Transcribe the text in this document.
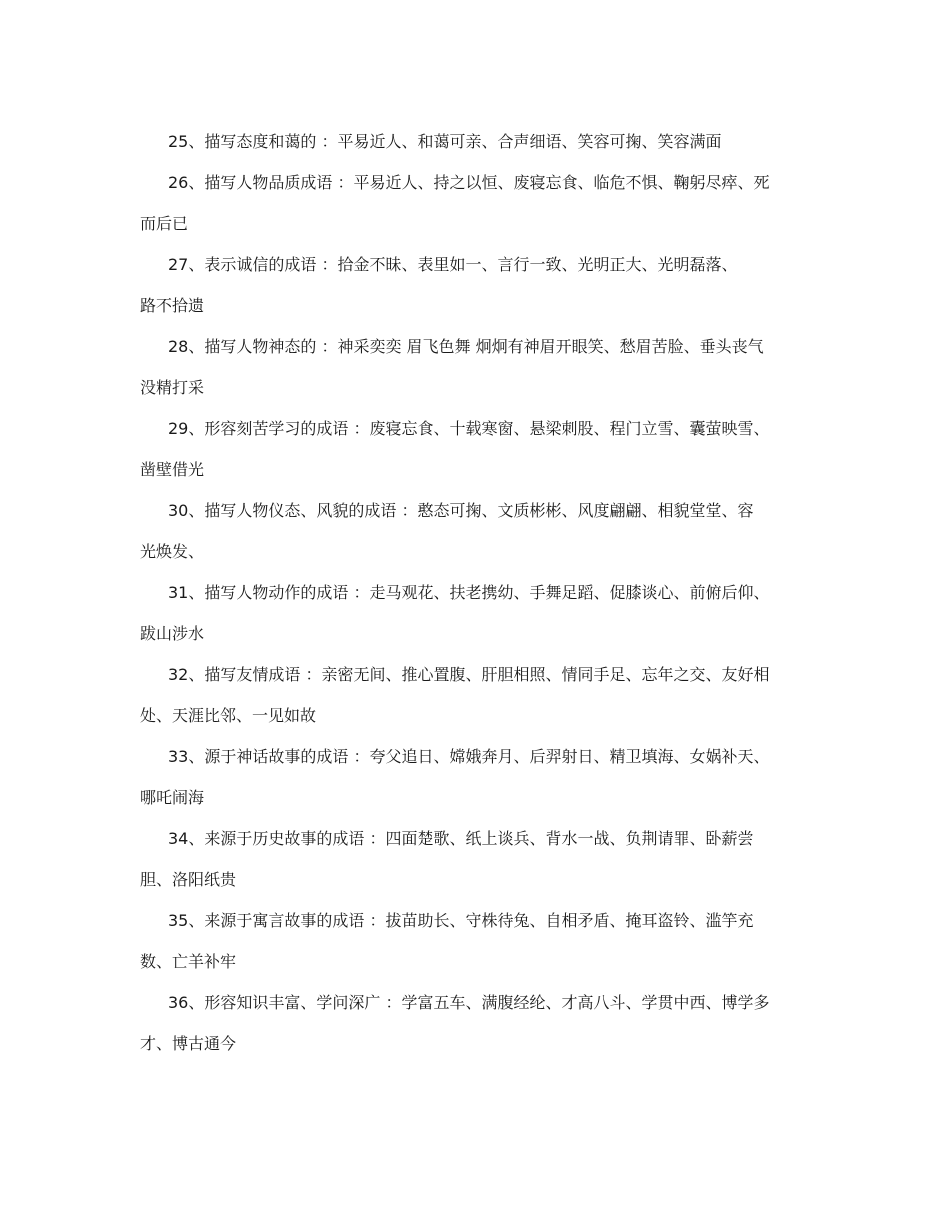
25、描写态度和蔼的 ：平易近人、和蔼可亲、合声细语、笑容可掬、笑容满面

26、描写人物品质成语 ：平易近人、持之以恒、废寝忘食、临危不惧、鞠躬尽瘁、死而后已

27、表示诚信的成语 ：拾金不昧、表里如一、言行一致、光明正大、光明磊落、路不拾遗

28、描写人物神态的 ：神采奕奕 眉飞色舞 炯炯有神眉开眼笑、愁眉苦脸、垂头丧气 没精打采

29、形容刻苦学习的成语 ：废寝忘食、十载寒窗、悬梁刺股、程门立雪、囊萤映雪、凿壁借光

30、描写人物仪态、风貌的成语 ：憨态可掬、文质彬彬、风度翩翩、相貌堂堂、容光焕发、

31、描写人物动作的成语 ：走马观花、扶老携幼、手舞足蹈、促膝谈心、前俯后仰、跋山涉水

32、描写友情成语 ：亲密无间、推心置腹、肝胆相照、情同手足、忘年之交、友好相处、天涯比邻、一见如故

33、源于神话故事的成语 ：夸父追日、嫦娥奔月、后羿射日、精卫填海、女娲补天、哪吒闹海

34、来源于历史故事的成语 ：四面楚歌、纸上谈兵、背水一战、负荆请罪、卧薪尝胆、洛阳纸贵

35、来源于寓言故事的成语 ：拔苗助长、守株待兔、自相矛盾、掩耳盗铃、滥竽充数、亡羊补牢

36、形容知识丰富、学问深广 ：学富五车、满腹经纶、才高八斗、学贯中西、博学多才、博古通今
